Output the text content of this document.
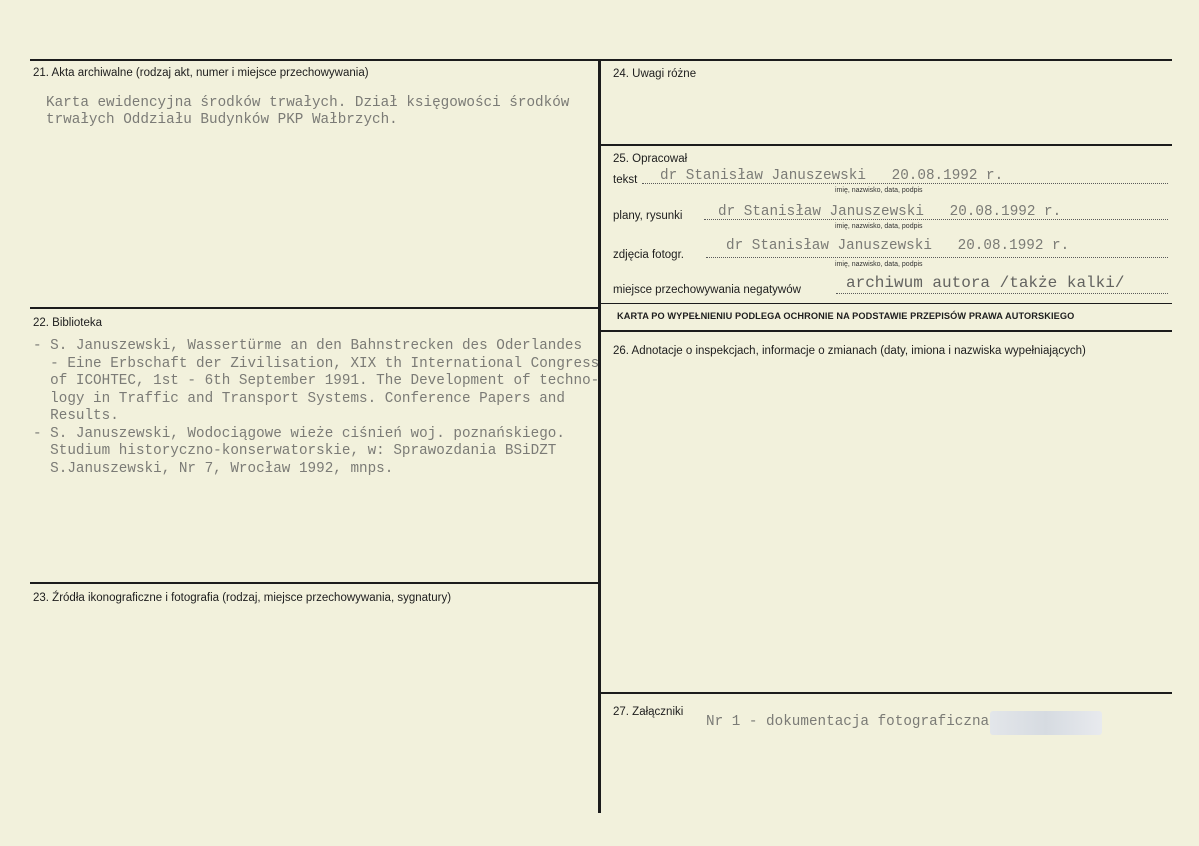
21. Akta archiwalne (rodzaj akt, numer i miejsce przechowywania)
Karta ewidencyjna środków trwałych. Dział księgowości środków
trwałych Oddziału Budynków PKP Wałbrzych.
22. Biblioteka
- S. Januszewski, Wassertürme an den Bahnstrecken des Oderlandes
- Eine Erbschaft der Zivilisation, XIX th International Congress
of ICOHTEC, 1st - 6th September 1991. The Development of techno-
logy in Traffic and Transport Systems. Conference Papers and
Results.
- S. Januszewski, Wodociągowe wieże ciśnień woj. poznańskiego.
Studium historyczno-konserwatorskie, w: Sprawozdania BSiDZT
S.Januszewski, Nr 7, Wrocław 1992, mnps.
23. Źródła ikonograficzne i fotografia (rodzaj, miejsce przechowywania, sygnatury)
24. Uwagi różne
25. Opracował
tekst dr Stanisław Januszewski   20.08.1992 r.
imię, nazwisko, data, podpis
plany, rysunki dr Stanisław Januszewski   20.08.1992 r.
imię, nazwisko, data, podpis
zdjęcia fotogr.
dr Stanisław Januszewski   20.08.1992 r.
imię, nazwisko, data, podpis
miejsce przechowywania negatywów	archiwum autora /także kalki/
KARTA PO WYPEŁNIENIU PODLEGA OCHRONIE NA PODSTAWIE PRZEPISÓW PRAWA AUTORSKIEGO
26. Adnotacje o inspekcjach, informacje o zmianach (daty, imiona i nazwiska wypełniających)
27. Załączniki
Nr 1 - dokumentacja fotograficzna
